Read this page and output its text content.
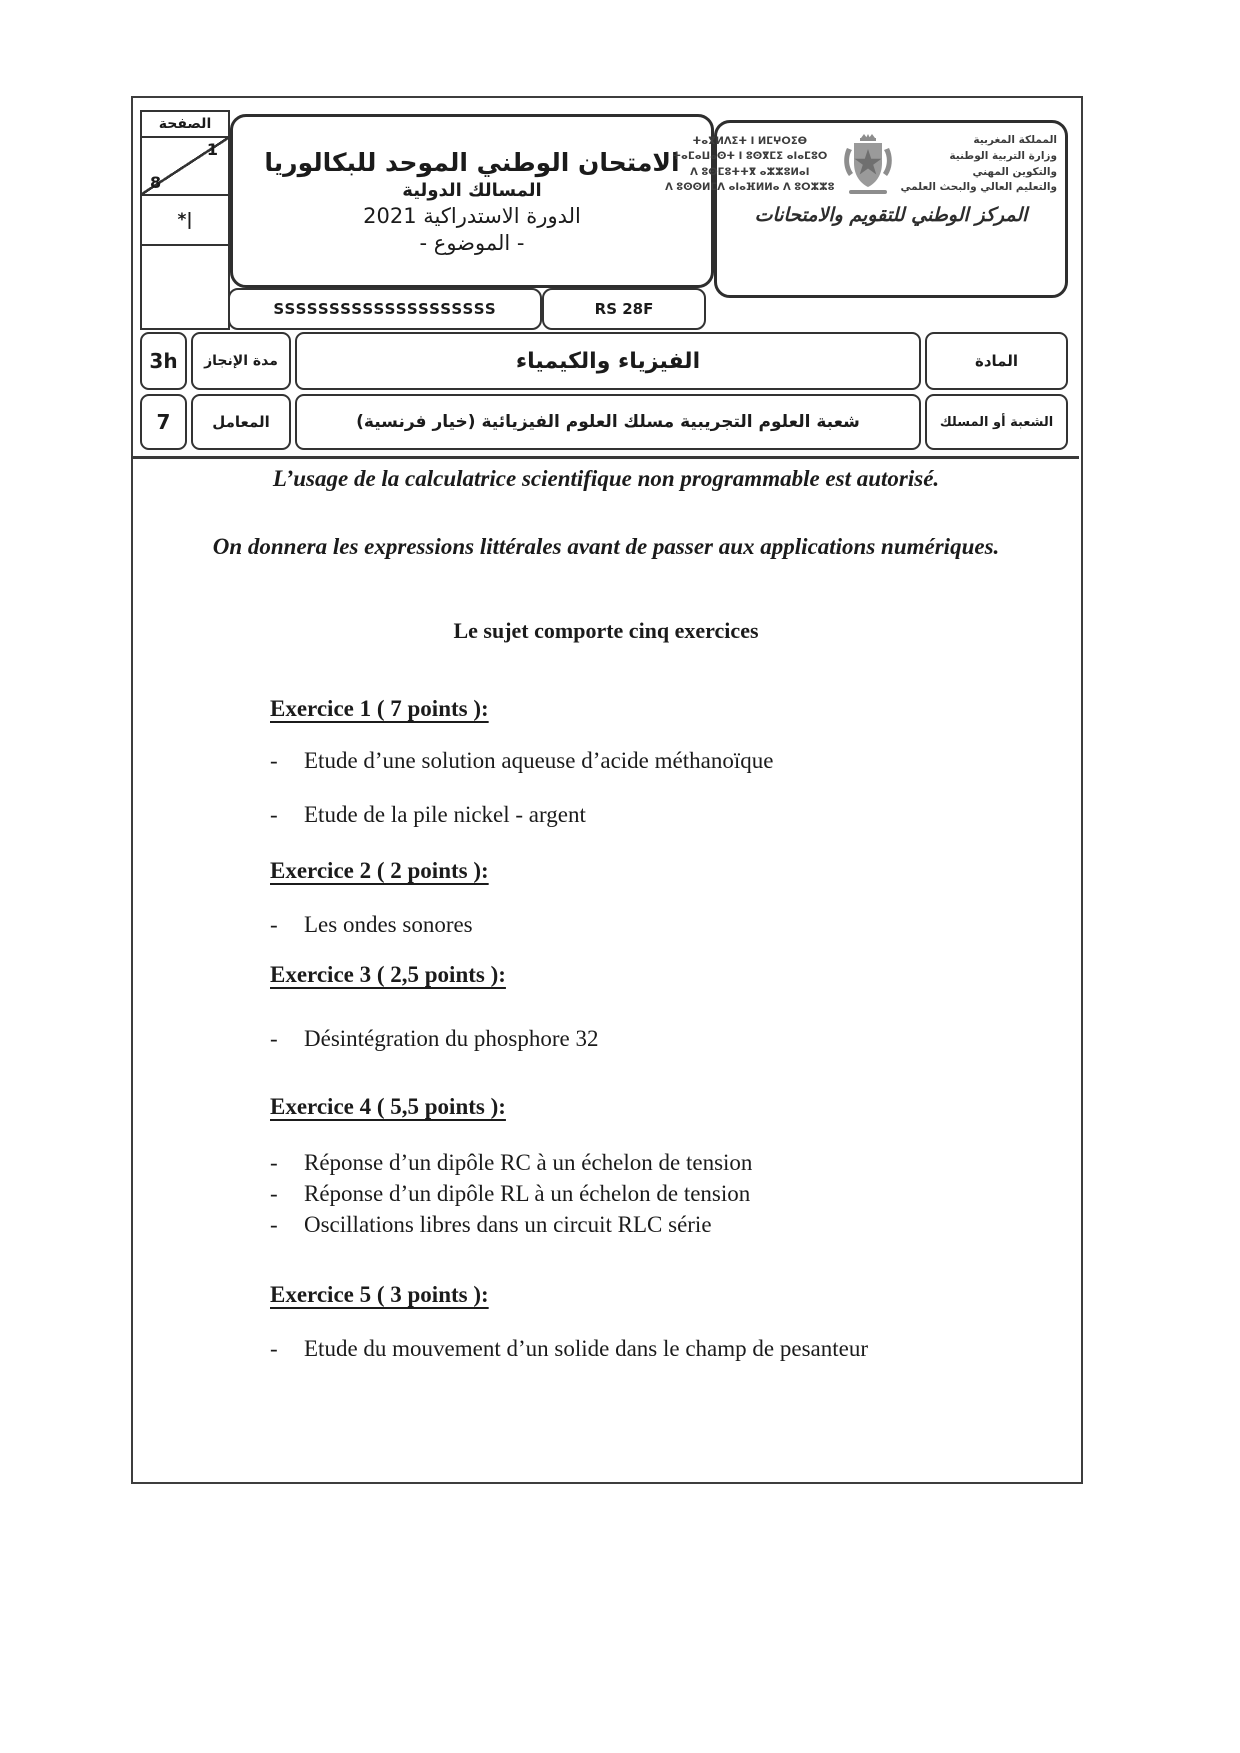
الصفحة
1
8
*|
الامتحان الوطني الموحد للبكالوريا
المسالك الدولية
الدورة الاستدراكية 2021
- الموضوع -
ⵜⴰⴳⵍⴷⵉⵜ ⵏ ⵍⵎⵖⵔⵉⴱ
ⵜⴰⵎⴰⵡⴰⵙⵜ ⵏ ⵓⵙⴳⵎⵉ ⴰⵏⴰⵎⵓⵔ
ⴷ ⵓⵙⵎⵓⵜⵜⴳ ⴰⵣⵣⵓⵍⴰⵏ
ⴷ ⵓⵙⵙⵍⵎⴷ ⴰⵏⴰⴼⵍⵍⴰ ⴷ ⵓⵔⵣⵣⵓ
المملكة المغربية
وزارة التربية الوطنية
والتكوين المهني
والتعليم العالي والبحث العلمي
المركز الوطني للتقويم والامتحانات
SSSSSSSSSSSSSSSSSSSS	RS 28F
3h	مدة الإنجاز	الفيزياء والكيمياء	المادة
7	المعامل	شعبة العلوم التجريبية مسلك العلوم الفيزيائية (خيار فرنسية)	الشعبة أو المسلك
L’usage de la calculatrice scientifique non programmable est autorisé.
On donnera les expressions littérales avant de passer aux applications numériques.
Le sujet comporte cinq exercices
Exercice 1 ( 7 points ):
-	Etude d’une solution aqueuse d’acide méthanoïque
-	Etude de la pile nickel - argent
Exercice 2 ( 2 points ):
-	Les ondes sonores
Exercice 3 ( 2,5 points ):
-	Désintégration du phosphore 32
Exercice 4 ( 5,5 points ):
-	Réponse d’un dipôle RC à un échelon de tension
-	Réponse d’un dipôle RL à un échelon de tension
-	Oscillations libres dans un circuit RLC série
Exercice 5 ( 3 points ):
-	Etude du mouvement d’un solide dans le champ de pesanteur
